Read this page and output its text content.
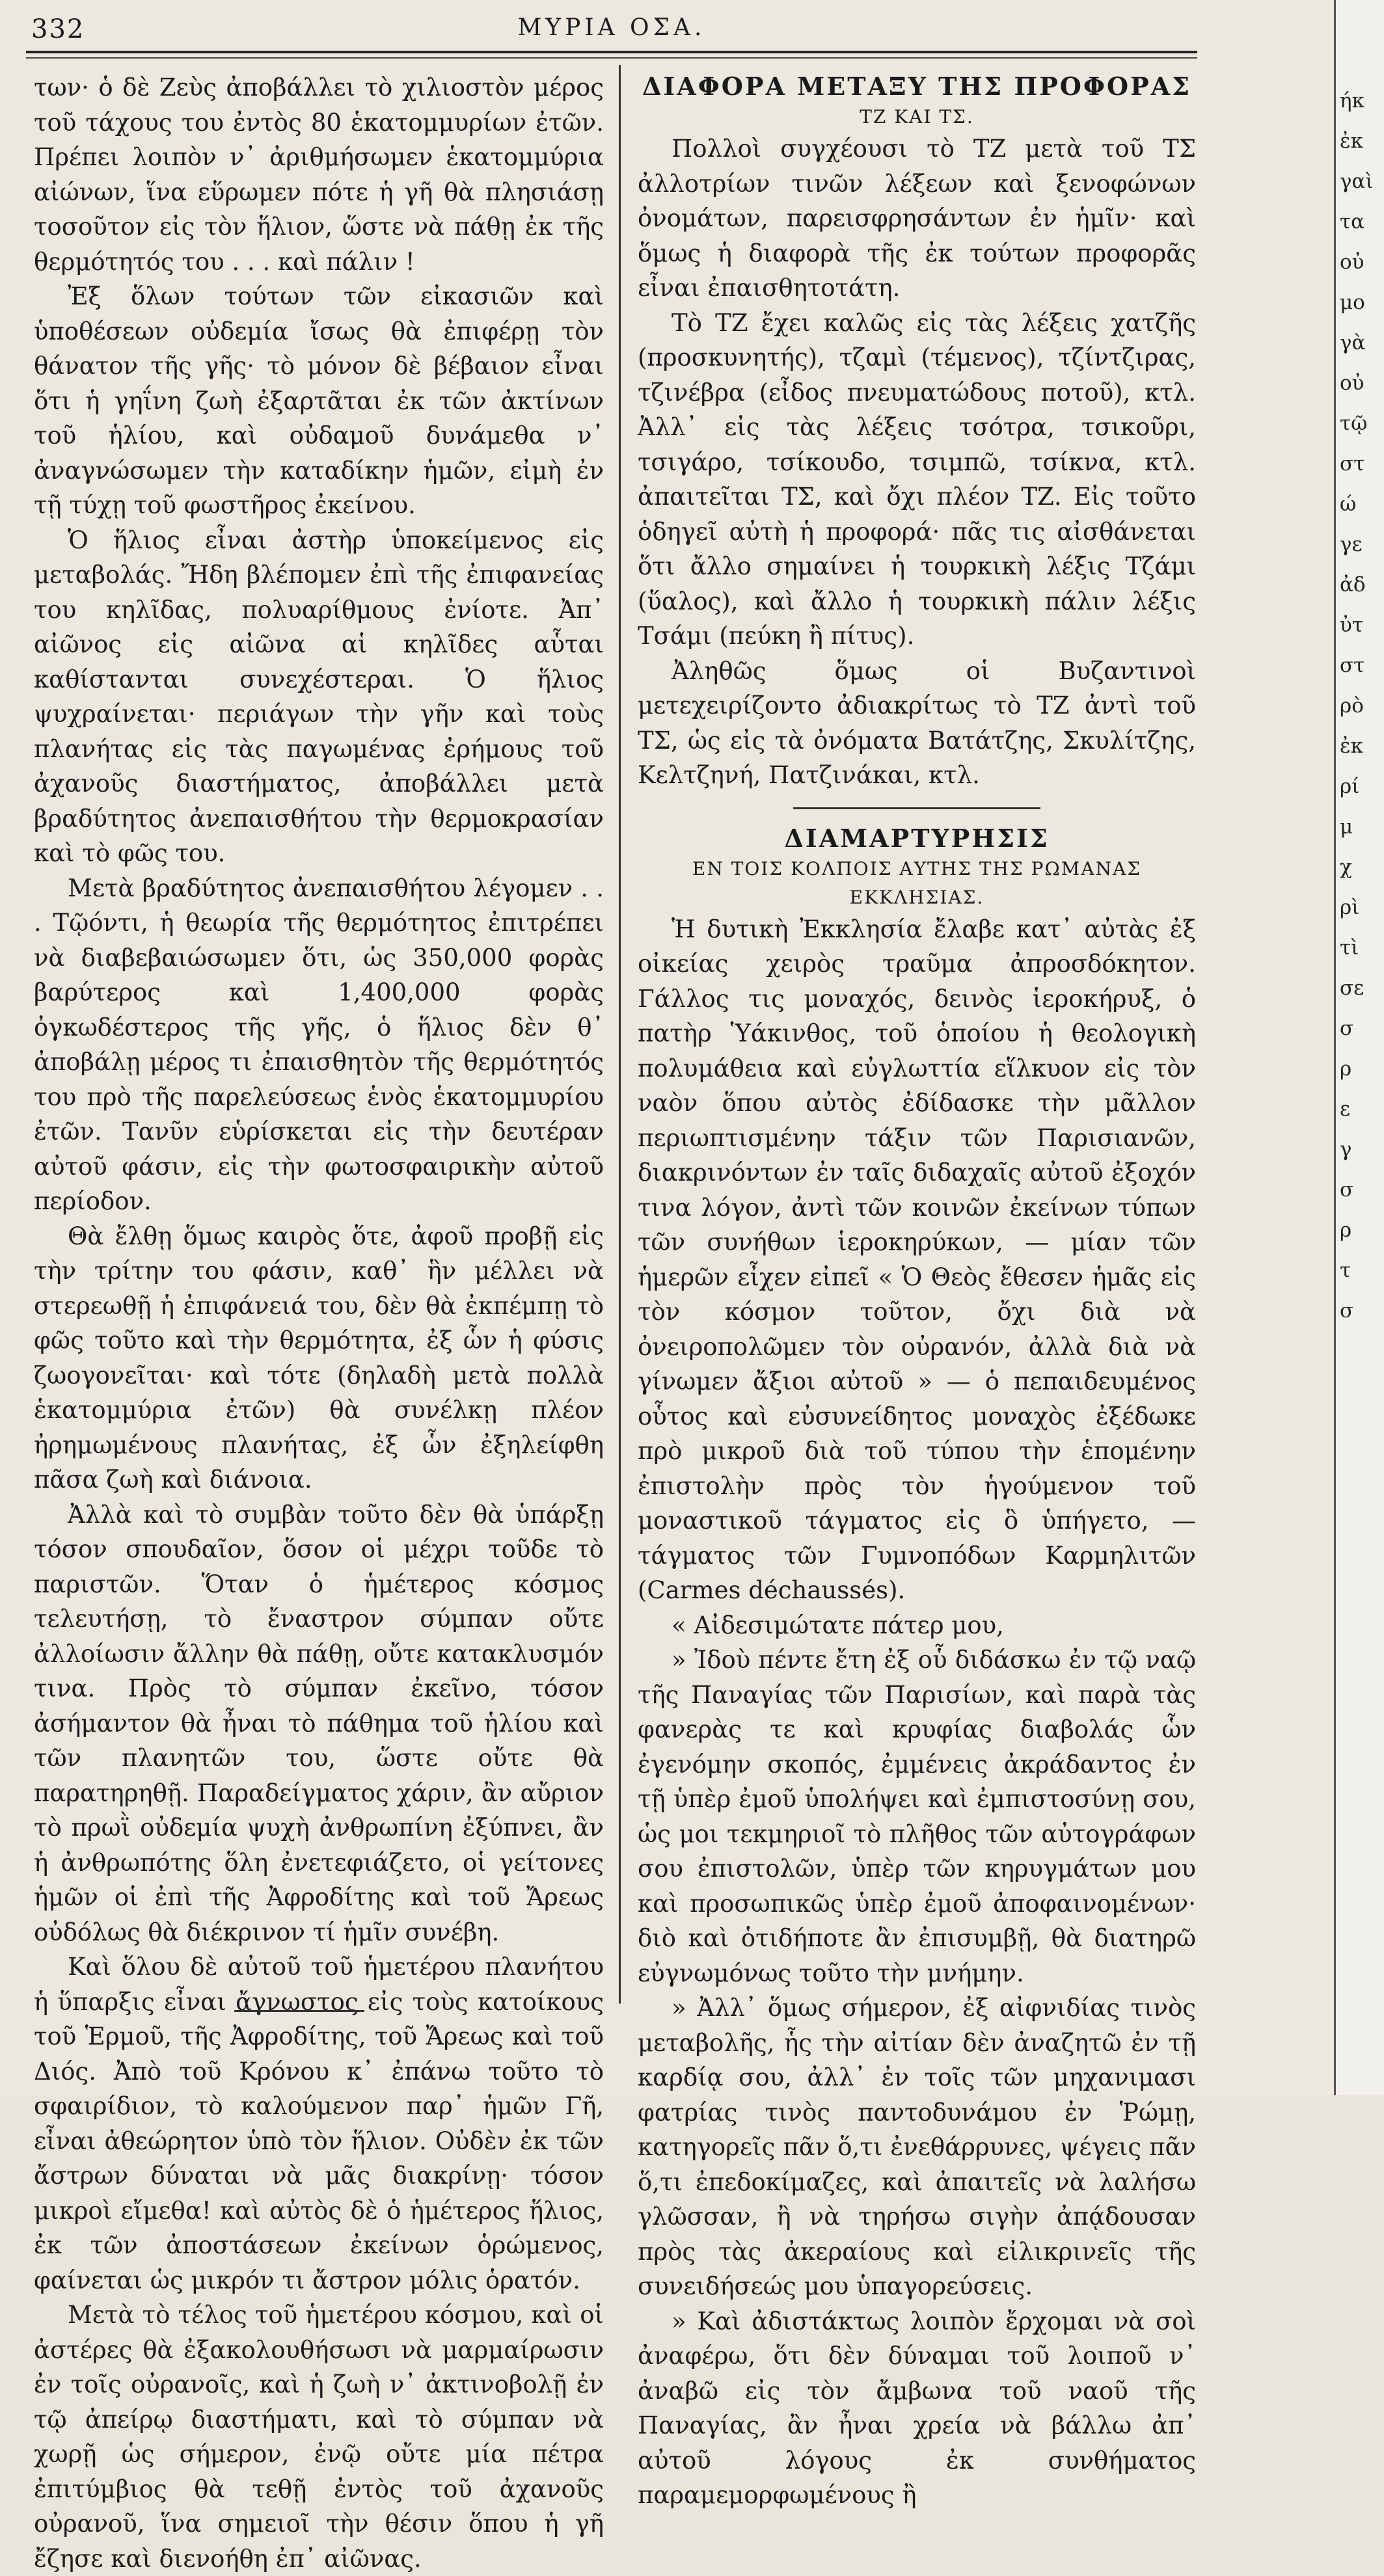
332	ΜΥΡΙΑ ΟΣΑ.

των· ὁ δὲ Ζεὺς ἀποβάλλει τὸ χιλιοστὸν μέρος τοῦ τάχους του ἐντὸς 80 ἑκατομμυρίων ἐτῶν. Πρέπει λοιπὸν ν᾿ ἀριθμήσωμεν ἑκατομμύρια αἰώνων, ἵνα εὕρωμεν πότε ἡ γῆ θὰ πλησιάσῃ τοσοῦτον εἰς τὸν ἥλιον, ὥστε νὰ πάθῃ ἐκ τῆς θερμότητός του . . . καὶ πάλιν !

Ἐξ ὅλων τούτων τῶν εἰκασιῶν καὶ ὑποθέσεων οὐδεμία ἴσως θὰ ἐπιφέρῃ τὸν θάνατον τῆς γῆς· τὸ μόνον δὲ βέβαιον εἶναι ὅτι ἡ γηΐνη ζωὴ ἐξαρτᾶται ἐκ τῶν ἀκτίνων τοῦ ἡλίου, καὶ οὐδαμοῦ δυνάμεθα ν᾿ ἀναγνώσωμεν τὴν καταδίκην ἡμῶν, εἰμὴ ἐν τῇ τύχῃ τοῦ φωστῆρος ἐκείνου.

Ὁ ἥλιος εἶναι ἀστὴρ ὑποκείμενος εἰς μεταβολάς. Ἤδη βλέπομεν ἐπὶ τῆς ἐπιφανείας του κηλῖδας, πολυαρίθμους ἐνίοτε. Ἀπ᾿ αἰῶνος εἰς αἰῶνα αἱ κηλῖδες αὗται καθίστανται συνεχέστεραι. Ὁ ἥλιος ψυχραίνεται· περιάγων τὴν γῆν καὶ τοὺς πλανήτας εἰς τὰς παγωμένας ἐρήμους τοῦ ἀχανοῦς διαστήματος, ἀποβάλλει μετὰ βραδύτητος ἀνεπαισθήτου τὴν θερμοκρασίαν καὶ τὸ φῶς του.

Μετὰ βραδύτητος ἀνεπαισθήτου λέγομεν . . . Τῷόντι, ἡ θεωρία τῆς θερμότητος ἐπιτρέπει νὰ διαβεβαιώσωμεν ὅτι, ὡς 350,000 φορὰς βαρύτερος καὶ 1,400,000 φορὰς ὀγκωδέστερος τῆς γῆς, ὁ ἥλιος δὲν θ᾿ ἀποβάλῃ μέρος τι ἐπαισθητὸν τῆς θερμότητός του πρὸ τῆς παρελεύσεως ἑνὸς ἑκατομμυρίου ἐτῶν. Τανῦν εὑρίσκεται εἰς τὴν δευτέραν αὐτοῦ φάσιν, εἰς τὴν φωτοσφαιρικὴν αὐτοῦ περίοδον.

Θὰ ἔλθῃ ὅμως καιρὸς ὅτε, ἀφοῦ προβῇ εἰς τὴν τρίτην του φάσιν, καθ᾿ ἣν μέλλει νὰ στερεωθῇ ἡ ἐπιφάνειά του, δὲν θὰ ἐκπέμπῃ τὸ φῶς τοῦτο καὶ τὴν θερμότητα, ἐξ ὧν ἡ φύσις ζωογονεῖται· καὶ τότε (δηλαδὴ μετὰ πολλὰ ἑκατομμύρια ἐτῶν) θὰ συνέλκῃ πλέον ἠρημωμένους πλανήτας, ἐξ ὧν ἐξηλείφθη πᾶσα ζωὴ καὶ διάνοια.

Ἀλλὰ καὶ τὸ συμβὰν τοῦτο δὲν θὰ ὑπάρξῃ τόσον σπουδαῖον, ὅσον οἱ μέχρι τοῦδε τὸ παριστῶν. Ὅταν ὁ ἡμέτερος κόσμος τελευτήσῃ, τὸ ἔναστρον σύμπαν οὔτε ἀλλοίωσιν ἄλλην θὰ πάθῃ, οὔτε κατακλυσμόν τινα. Πρὸς τὸ σύμπαν ἐκεῖνο, τόσον ἀσήμαντον θὰ ἦναι τὸ πάθημα τοῦ ἡλίου καὶ τῶν πλανητῶν του, ὥστε οὔτε θὰ παρατηρηθῇ. Παραδείγματος χάριν, ἂν αὔριον τὸ πρωῒ οὐδεμία ψυχὴ ἀνθρωπίνη ἐξύπνει, ἂν ἡ ἀνθρωπότης ὅλη ἐνετεφιάζετο, οἱ γείτονες ἡμῶν οἱ ἐπὶ τῆς Ἀφροδίτης καὶ τοῦ Ἄρεως οὐδόλως θὰ διέκρινον τί ἡμῖν συνέβη.

Καὶ ὅλου δὲ αὐτοῦ τοῦ ἡμετέρου πλανήτου ἡ ὕπαρξις εἶναι ἄγνωστος εἰς τοὺς κατοίκους τοῦ Ἑρμοῦ, τῆς Ἀφροδίτης, τοῦ Ἄρεως καὶ τοῦ Διός. Ἀπὸ τοῦ Κρόνου κ᾿ ἐπάνω τοῦτο τὸ σφαιρίδιον, τὸ καλούμενον παρ᾿ ἡμῶν Γῆ, εἶναι ἀθεώρητον ὑπὸ τὸν ἥλιον. Οὐδὲν ἐκ τῶν ἄστρων δύναται νὰ μᾶς διακρίνῃ· τόσον μικροὶ εἴμεθα! καὶ αὐτὸς δὲ ὁ ἡμέτερος ἥλιος, ἐκ τῶν ἀποστάσεων ἐκείνων ὁρώμενος, φαίνεται ὡς μικρόν τι ἄστρον μόλις ὁρατόν.

Μετὰ τὸ τέλος τοῦ ἡμετέρου κόσμου, καὶ οἱ ἀστέρες θὰ ἐξακολουθήσωσι νὰ μαρμαίρωσιν ἐν τοῖς οὐρανοῖς, καὶ ἡ ζωὴ ν᾿ ἀκτινοβολῇ ἐν τῷ ἀπείρῳ διαστήματι, καὶ τὸ σύμπαν νὰ χωρῇ ὡς σήμερον, ἐνῷ οὔτε μία πέτρα ἐπιτύμβιος θὰ τεθῇ ἐντὸς τοῦ ἀχανοῦς οὐρανοῦ, ἵνα σημειοῖ τὴν θέσιν ὅπου ἡ γῆ ἔζησε καὶ διενοήθη ἐπ᾿ αἰῶνας.

ΔΙΑΦΟΡΑ ΜΕΤΑΞΥ ΤΗΣ ΠΡΟΦΟΡΑΣ
ΤΖ ΚΑΙ ΤΣ.

Πολλοὶ συγχέουσι τὸ ΤΖ μετὰ τοῦ ΤΣ ἀλλοτρίων τινῶν λέξεων καὶ ξενοφώνων ὀνομάτων, παρεισφρησάντων ἐν ἡμῖν· καὶ ὅμως ἡ διαφορὰ τῆς ἐκ τούτων προφορᾶς εἶναι ἐπαισθητοτάτη.

Τὸ ΤΖ ἔχει καλῶς εἰς τὰς λέξεις χατζῆς (προσκυνητής), τζαμὶ (τέμενος), τζίντζιρας, τζινέβρα (εἶδος πνευματώδους ποτοῦ), κτλ. Ἀλλ᾿ εἰς τὰς λέξεις τσότρα, τσικοῦρι, τσιγάρο, τσίκουδο, τσιμπῶ, τσίκνα, κτλ. ἀπαιτεῖται ΤΣ, καὶ ὄχι πλέον ΤΖ. Εἰς τοῦτο ὁδηγεῖ αὐτὴ ἡ προφορά· πᾶς τις αἰσθάνεται ὅτι ἄλλο σημαίνει ἡ τουρκικὴ λέξις Τζάμι (ὕαλος), καὶ ἄλλο ἡ τουρκικὴ πάλιν λέξις Τσάμι (πεύκη ἢ πίτυς).

Ἀληθῶς ὅμως οἱ Βυζαντινοὶ μετεχειρίζοντο ἀδιακρίτως τὸ ΤΖ ἀντὶ τοῦ ΤΣ, ὡς εἰς τὰ ὀνόματα Βατάτζης, Σκυλίτζης, Κελτζηνή, Πατζινάκαι, κτλ.

ΔΙΑΜΑΡΤΥΡΗΣΙΣ
ΕΝ ΤΟΙΣ ΚΟΛΠΟΙΣ ΑΥΤΗΣ ΤΗΣ ΡΩΜΑΝΑΣ ΕΚΚΛΗΣΙΑΣ.

Ἡ δυτικὴ Ἐκκλησία ἔλαβε κατ᾿ αὐτὰς ἐξ οἰκείας χειρὸς τραῦμα ἀπροσδόκητον. Γάλλος τις μοναχός, δεινὸς ἱεροκήρυξ, ὁ πατὴρ Ὑάκινθος, τοῦ ὁποίου ἡ θεολογικὴ πολυμάθεια καὶ εὐγλωττία εἵλκυον εἰς τὸν ναὸν ὅπου αὐτὸς ἐδίδασκε τὴν μᾶλλον περιωπτισμένην τάξιν τῶν Παρισιανῶν, διακρινόντων ἐν ταῖς διδαχαῖς αὐτοῦ ἐξοχόν τινα λόγον, ἀντὶ τῶν κοινῶν ἐκείνων τύπων τῶν συνήθων ἱεροκηρύκων, — μίαν τῶν ἡμερῶν εἶχεν εἰπεῖ « Ὁ Θεὸς ἔθεσεν ἡμᾶς εἰς τὸν κόσμον τοῦτον, ὄχι διὰ νὰ ὀνειροπολῶμεν τὸν οὐρανόν, ἀλλὰ διὰ νὰ γίνωμεν ἄξιοι αὐτοῦ » — ὁ πεπαιδευμένος οὗτος καὶ εὐσυνείδητος μοναχὸς ἐξέδωκε πρὸ μικροῦ διὰ τοῦ τύπου τὴν ἑπομένην ἐπιστολὴν πρὸς τὸν ἡγούμενον τοῦ μοναστικοῦ τάγματος εἰς ὃ ὑπήγετο, — τάγματος τῶν Γυμνοπόδων Καρμηλιτῶν (Carmes déchaussés).

« Αἰδεσιμώτατε πάτερ μου,

» Ἰδοὺ πέντε ἔτη ἐξ οὗ διδάσκω ἐν τῷ ναῷ τῆς Παναγίας τῶν Παρισίων, καὶ παρὰ τὰς φανερὰς τε καὶ κρυφίας διαβολάς ὧν ἐγενόμην σκοπός, ἐμμένεις ἀκράδαντος ἐν τῇ ὑπὲρ ἐμοῦ ὑπολήψει καὶ ἐμπιστοσύνῃ σου, ὡς μοι τεκμηριοῖ τὸ πλῆθος τῶν αὐτογράφων σου ἐπιστολῶν, ὑπὲρ τῶν κηρυγμάτων μου καὶ προσωπικῶς ὑπὲρ ἐμοῦ ἀποφαινομένων· διὸ καὶ ὁτιδήποτε ἂν ἐπισυμβῇ, θὰ διατηρῶ εὐγνωμόνως τοῦτο τὴν μνήμην.

» Ἀλλ᾿ ὅμως σήμερον, ἐξ αἰφνιδίας τινὸς μεταβολῆς, ἧς τὴν αἰτίαν δὲν ἀναζητῶ ἐν τῇ καρδίᾳ σου, ἀλλ᾿ ἐν τοῖς τῶν μηχανιμασι φατρίας τινὸς παντοδυνάμου ἐν Ῥώμῃ, κατηγορεῖς πᾶν ὅ,τι ἐνεθάρρυνες, ψέγεις πᾶν ὅ,τι ἐπεδοκίμαζες, καὶ ἀπαιτεῖς νὰ λαλήσω γλῶσσαν, ἢ νὰ τηρήσω σιγὴν ἀπᾴδουσαν πρὸς τὰς ἀκεραίους καὶ εἰλικρινεῖς τῆς συνειδήσεώς μου ὑπαγορεύσεις.

» Καὶ ἀδιστάκτως λοιπὸν ἔρχομαι νὰ σοὶ ἀναφέρω, ὅτι δὲν δύναμαι τοῦ λοιποῦ ν᾿ ἀναβῶ εἰς τὸν ἄμβωνα τοῦ ναοῦ τῆς Παναγίας, ἂν ἦναι χρεία νὰ βάλλω ἀπ᾿ αὐτοῦ λόγους ἐκ συνθήματος παραμεμορφωμένους ἢ

ήκ
ἐκ
γαὶ
τα
οὐ
μο
γὰ
οὐ
τῷ
στ
ώ
γε
ἀδ
ὐτ
στ
ρὸ
ἐκ
ρί
μ
χ
ρὶ
τὶ
σε
σ
ρ
ε
γ
σ
ρ
τ
σ
